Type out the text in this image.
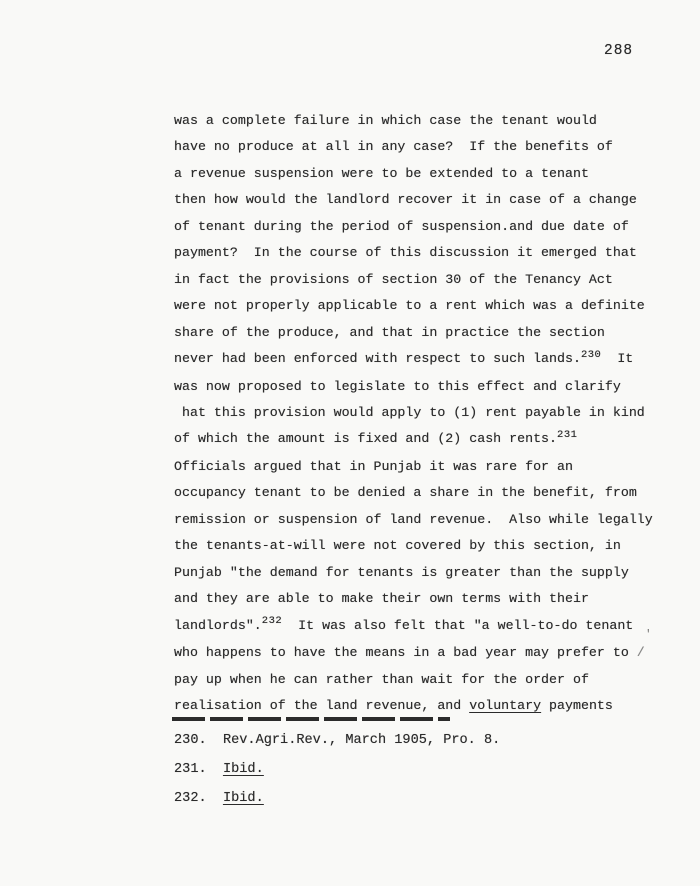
288
was a complete failure in which case the tenant would
have no produce at all in any case?  If the benefits of
a revenue suspension were to be extended to a tenant
then how would the landlord recover it in case of a change
of tenant during the period of suspension.and due date of
payment?  In the course of this discussion it emerged that
in fact the provisions of section 30 of the Tenancy Act
were not properly applicable to a rent which was a definite
share of the produce, and that in practice the section
never had been enforced with respect to such lands.$^{230}$  It
was now proposed to legislate to this effect and clarify
hat this provision would apply to (1) rent payable in kind
of which the amount is fixed and (2) cash rents.$^{231}$
Officials argued that in Punjab it was rare for an
occupancy tenant to be denied a share in the benefit, from
remission or suspension of land revenue.  Also while legally
the tenants-at-will were not covered by this section, in
Punjab "the demand for tenants is greater than the supply
and they are able to make their own terms with their
landlords".$^{232}$  It was also felt that "a well-to-do tenant
who happens to have the means in a bad year may prefer to /
pay up when he can rather than wait for the order of
realisation of the land revenue, and voluntary payments
230.  Rev.Agri.Rev., March 1905, Pro. 8.
231.  Ibid.
232.  Ibid.
'
